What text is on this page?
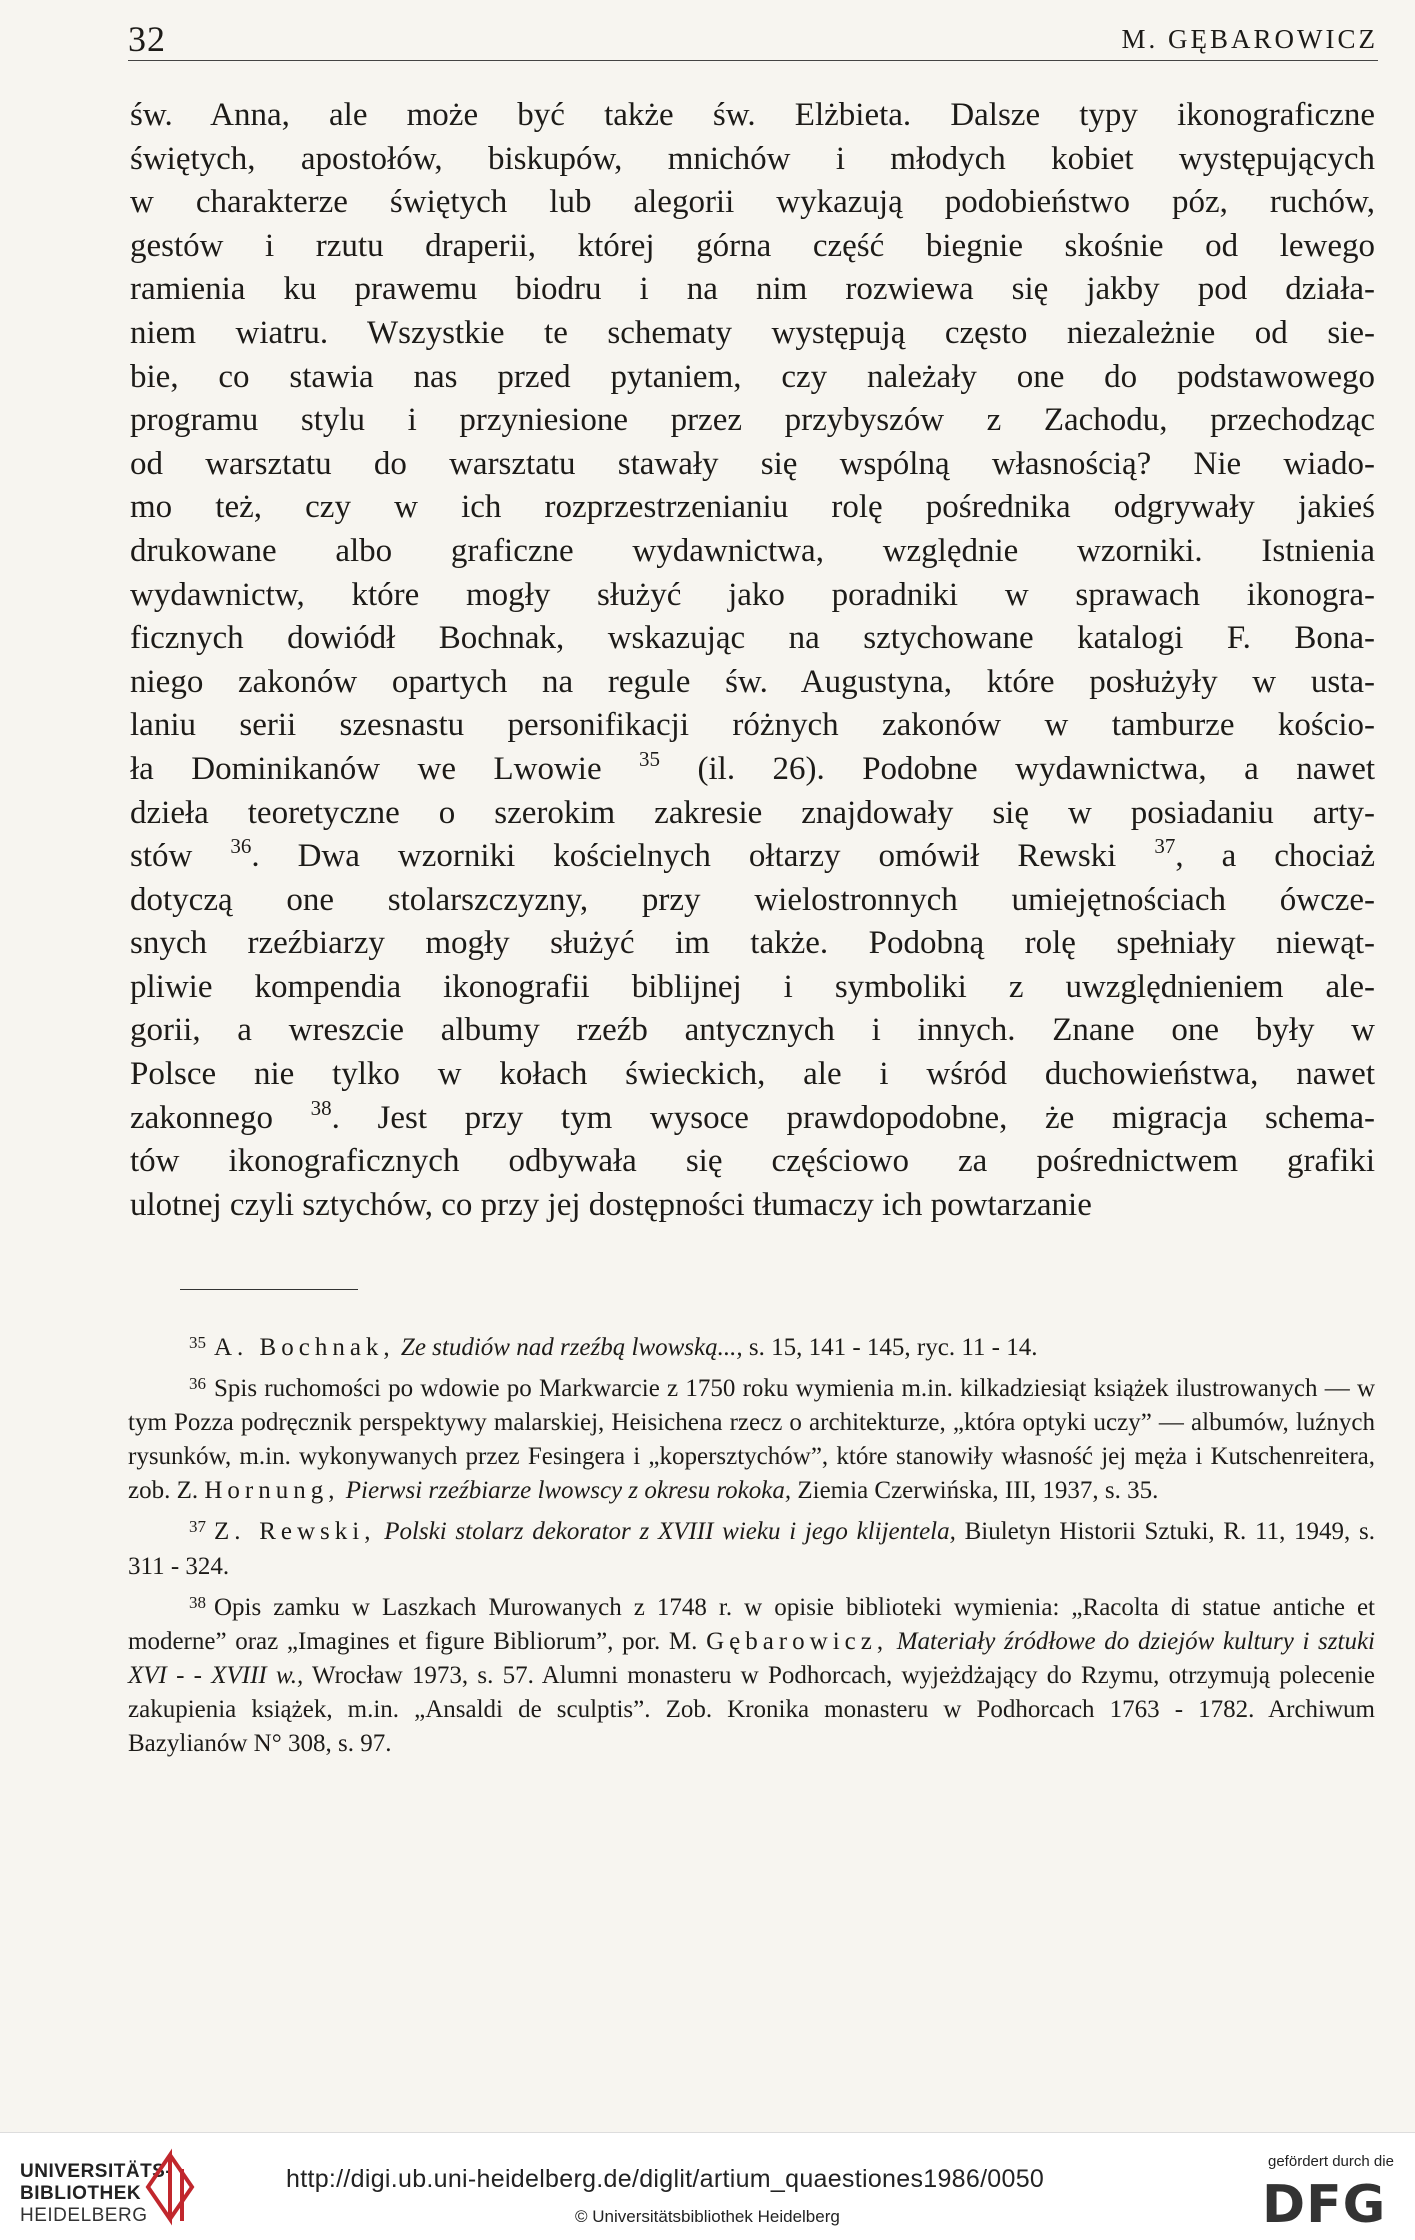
32	M. GĘBAROWICZ

św. Anna, ale może być także św. Elżbieta. Dalsze typy ikonograficzne

świętych, apostołów, biskupów, mnichów i młodych kobiet występujących

w charakterze świętych lub alegorii wykazują podobieństwo póz, ruchów,

gestów i rzutu draperii, której górna część biegnie skośnie od lewego

ramienia ku prawemu biodru i na nim rozwiewa się jakby pod działa-

niem wiatru. Wszystkie te schematy występują często niezależnie od sie-

bie, co stawia nas przed pytaniem, czy należały one do podstawowego

programu stylu i przyniesione przez przybyszów z Zachodu, przechodząc

od warsztatu do warsztatu stawały się wspólną własnością? Nie wiado-

mo też, czy w ich rozprzestrzenianiu rolę pośrednika odgrywały jakieś

drukowane albo graficzne wydawnictwa, względnie wzorniki. Istnienia

wydawnictw, które mogły służyć jako poradniki w sprawach ikonogra-

ficznych dowiódł Bochnak, wskazując na sztychowane katalogi F. Bona-

niego zakonów opartych na regule św. Augustyna, które posłużyły w usta-

laniu serii szesnastu personifikacji różnych zakonów w tamburze kościo-

ła Dominikanów we Lwowie $^{35}$ (il. 26). Podobne wydawnictwa, a nawet

dzieła teoretyczne o szerokim zakresie znajdowały się w posiadaniu arty-

stów $^{36}$. Dwa wzorniki kościelnych ołtarzy omówił Rewski $^{37}$, a chociaż

dotyczą one stolarszczyzny, przy wielostronnych umiejętnościach ówcze-

snych rzeźbiarzy mogły służyć im także. Podobną rolę spełniały niewąt-

pliwie kompendia ikonografii biblijnej i symboliki z uwzględnieniem ale-

gorii, a wreszcie albumy rzeźb antycznych i innych. Znane one były w

Polsce nie tylko w kołach świeckich, ale i wśród duchowieństwa, nawet

zakonnego $^{38}$. Jest przy tym wysoce prawdopodobne, że migracja schema-

tów ikonograficznych odbywała się częściowo za pośrednictwem grafiki

ulotnej czyli sztychów, co przy jej dostępności tłumaczy ich powtarzanie

$^{35}$ A. Bochnak, Ze studiów nad rzeźbą lwowską..., s. 15, 141 - 145, ryc. 11 - 14.

$^{36}$ Spis ruchomości po wdowie po Markwarcie z 1750 roku wymienia m.in. kilkadziesiąt książek ilustrowanych — w tym Pozza podręcznik perspektywy malarskiej, Heisichena rzecz o architekturze, „która optyki uczy” — albumów, luźnych rysunków, m.in. wykonywanych przez Fesingera i „kopersztychów”, które stanowiły własność jej męża i Kutschenreitera, zob. Z. Hornung, Pierwsi rzeźbiarze lwowscy z okresu rokoka, Ziemia Czerwińska, III, 1937, s. 35.

$^{37}$ Z. Rewski, Polski stolarz dekorator z XVIII wieku i jego klijentela, Biuletyn Historii Sztuki, R. 11, 1949, s. 311 - 324.

$^{38}$ Opis zamku w Laszkach Murowanych z 1748 r. w opisie biblioteki wymienia: „Racolta di statue antiche et moderne” oraz „Imagines et figure Bibliorum”, por. M. Gębarowicz, Materiały źródłowe do dziejów kultury i sztuki XVI - - XVIII w., Wrocław 1973, s. 57. Alumni monasteru w Podhorcach, wyjeżdżający do Rzymu, otrzymują polecenie zakupienia książek, m.in. „Ansaldi de sculptis”. Zob. Kronika monasteru w Podhorcach 1763 - 1782. Archiwum Bazylianów N° 308, s. 97.

UNIVERSITÄTS-
BIBLIOTHEK
HEIDELBERG
http://digi.ub.uni-heidelberg.de/diglit/artium_quaestiones1986/0050
© Universitätsbibliothek Heidelberg
gefördert durch die
DFG
